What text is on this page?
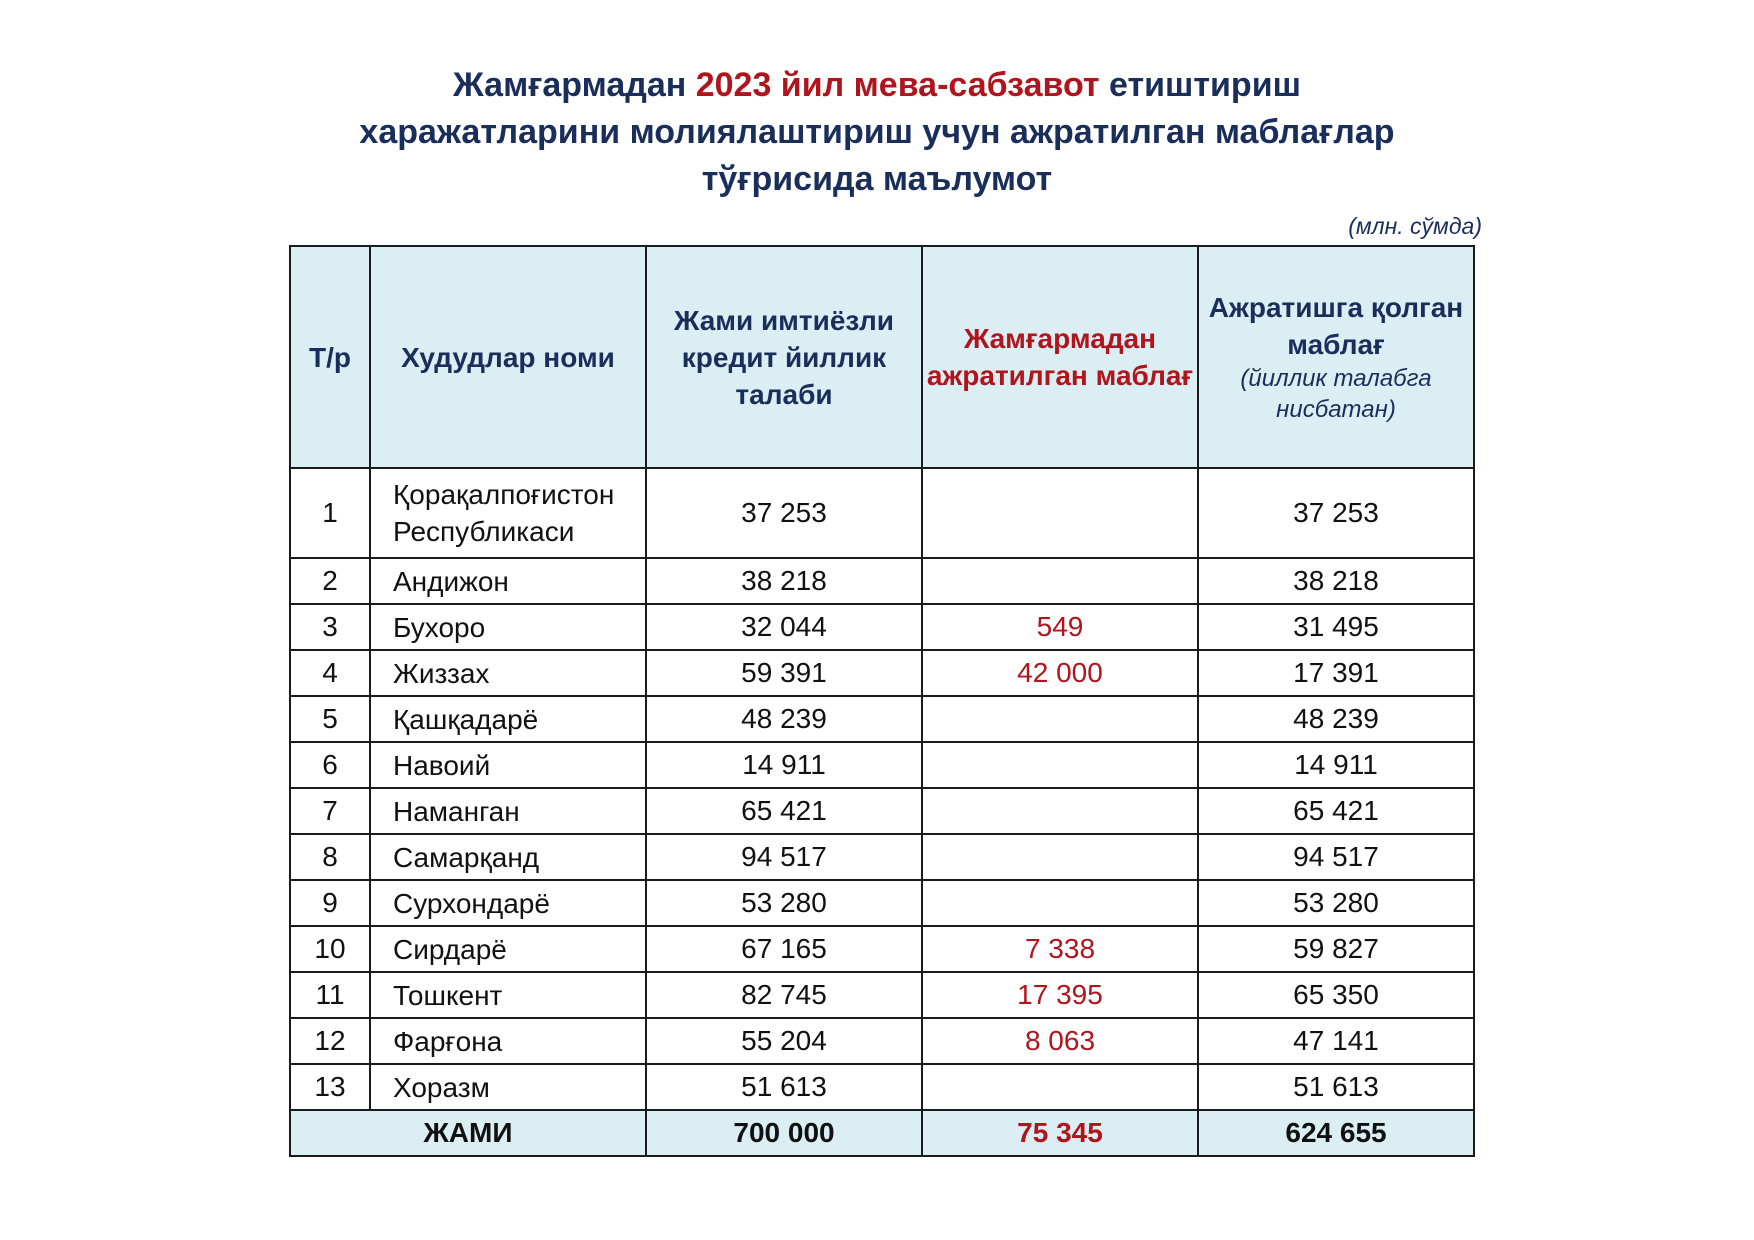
Жамғармадан 2023 йил мева-сабзавот етиштириш
харажатларини молиялаштириш учун ажратилган маблағлар
тўғрисида маълумот
(млн. сўмда)
Т/р	Худудлар номи	Жами имтиёзли кредит йиллик талаби	Жамғармадан ажратилган маблағ	Ажратишга қолган маблағ
(йиллик талабга нисбатан)

1	Қорақалпоғистон Республикаси	37 253		37 253
2	Андижон	38 218		38 218
3	Бухоро	32 044	549	31 495
4	Жиззах	59 391	42 000	17 391
5	Қашқадарё	48 239		48 239
6	Навоий	14 911		14 911
7	Наманган	65 421		65 421
8	Самарқанд	94 517		94 517
9	Сурхондарё	53 280		53 280
10	Сирдарё	67 165	7 338	59 827
11	Тошкент	82 745	17 395	65 350
12	Фарғона	55 204	8 063	47 141
13	Хоразм	51 613		51 613
ЖАМИ		700 000	75 345	624 655
